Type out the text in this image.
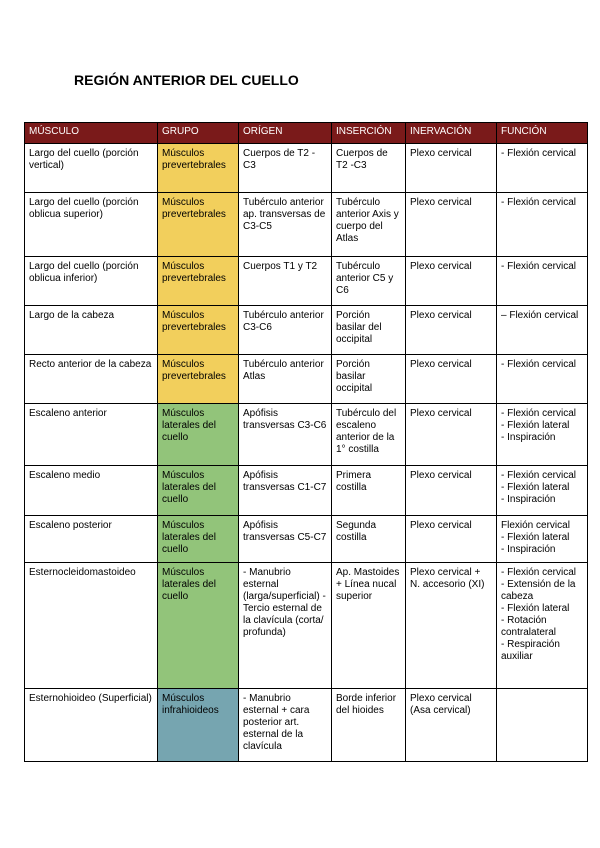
REGIÓN ANTERIOR DEL CUELLO
MÚSCULO	GRUPO	ORÍGEN	INSERCIÓN	INERVACIÓN	FUNCIÓN
Largo del cuello (porción vertical)	Músculos prevertebrales	Cuerpos de T2 -C3	Cuerpos de T2 -C3	Plexo cervical	- Flexión cervical

Largo del cuello (porción oblicua superior)	Músculos prevertebrales	Tubérculo anterior ap. transversas de C3-C5	Tubérculo anterior Axis y cuerpo del Atlas	Plexo cervical	- Flexión cervical

Largo del cuello (porción oblicua inferior)	Músculos prevertebrales	Cuerpos T1 y T2	Tubérculo anterior C5 y C6	Plexo cervical	- Flexión cervical

Largo de la cabeza	Músculos prevertebrales	Tubérculo anterior C3-C6	Porción basilar del occipital	Plexo cervical	– Flexión cervical

Recto anterior de la cabeza	Músculos prevertebrales	Tubérculo anterior Atlas	Porción basilar occipital	Plexo cervical	- Flexión cervical

Escaleno anterior	Músculos laterales del cuello	Apófisis transversas C3-C6	Tubérculo del escaleno anterior de la 1° costilla	Plexo cervical	- Flexión cervical
- Flexión lateral
- Inspiración

Escaleno medio	Músculos laterales del cuello	Apófisis transversas C1-C7	Primera costilla	Plexo cervical	- Flexión cervical
- Flexión lateral
- Inspiración

Escaleno posterior	Músculos laterales del cuello	Apófisis transversas C5-C7	Segunda costilla	Plexo cervical	Flexión cervical
- Flexión lateral
- Inspiración

Esternocleidomastoideo	Músculos laterales del cuello	- Manubrio esternal (larga/superficial) - Tercio esternal de la clavícula (corta/ profunda)	Ap. Mastoides + Línea nucal superior	Plexo cervical + N. accesorio (XI)	- Flexión cervical
- Extensión de la cabeza
- Flexión lateral
- Rotación contralateral
- Respiración auxiliar

Esternohioideo (Superficial)	Músculos infrahioideos	- Manubrio esternal + cara posterior art. esternal de la clavícula	Borde inferior del hioides	Plexo cervical (Asa cervical)	
